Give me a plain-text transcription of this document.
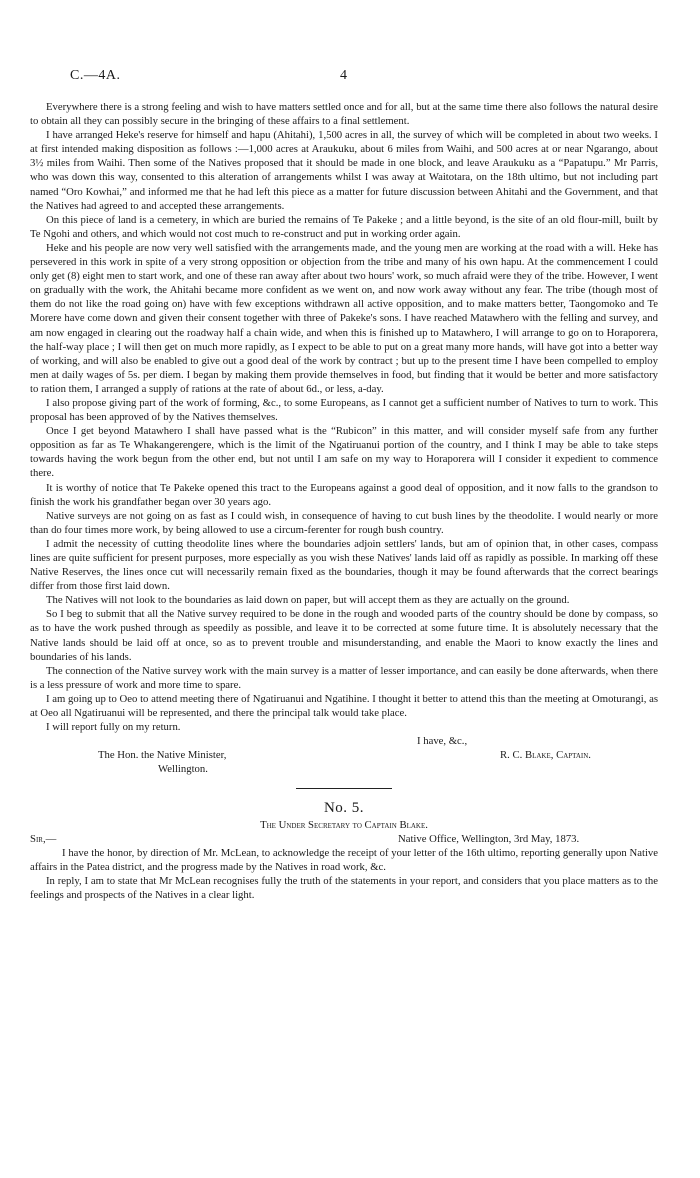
C.—4A.	4

Everywhere there is a strong feeling and wish to have matters settled once and for all, but at the same time there also follows the natural desire to obtain all they can possibly secure in the bringing of these affairs to a final settlement.

I have arranged Heke's reserve for himself and hapu (Ahitahi), 1,500 acres in all, the survey of which will be completed in about two weeks. I at first intended making disposition as follows :—1,000 acres at Araukuku, about 6 miles from Waihi, and 500 acres at or near Ngarango, about 3½ miles from Waihi. Then some of the Natives proposed that it should be made in one block, and leave Araukuku as a “Papatupu.” Mr Parris, who was down this way, consented to this alteration of arrangements whilst I was away at Waitotara, on the 18th ultimo, but not including part named “Oro Kowhai,” and informed me that he had left this piece as a matter for future discussion between Ahitahi and the Government, and that the Natives had agreed to and accepted these arrangements.

On this piece of land is a cemetery, in which are buried the remains of Te Pakeke ; and a little beyond, is the site of an old flour-mill, built by Te Ngohi and others, and which would not cost much to re-construct and put in working order again.

Heke and his people are now very well satisfied with the arrangements made, and the young men are working at the road with a will. Heke has persevered in this work in spite of a very strong opposition or objection from the tribe and many of his own hapu. At the commencement I could only get (8) eight men to start work, and one of these ran away after about two hours' work, so much afraid were they of the tribe. However, I went on gradually with the work, the Ahitahi became more confident as we went on, and now work away without any fear. The tribe (though most of them do not like the road going on) have with few exceptions withdrawn all active opposition, and to make matters better, Taongomoko and Te Morere have come down and given their consent together with three of Pakeke's sons. I have reached Matawhero with the felling and survey, and am now engaged in clearing out the roadway half a chain wide, and when this is finished up to Matawhero, I will arrange to go on to Horaporera, the half-way place ; I will then get on much more rapidly, as I expect to be able to put on a great many more hands, will have got into a better way of working, and will also be enabled to give out a good deal of the work by contract ; but up to the present time I have been compelled to employ men at daily wages of 5s. per diem. I began by making them provide themselves in food, but finding that it would be better and more satisfactory to ration them, I arranged a supply of rations at the rate of about 6d., or less, a-day.

I also propose giving part of the work of forming, &c., to some Europeans, as I cannot get a sufficient number of Natives to turn to work. This proposal has been approved of by the Natives themselves.

Once I get beyond Matawhero I shall have passed what is the “Rubicon” in this matter, and will consider myself safe from any further opposition as far as Te Whakangerengere, which is the limit of the Ngatiruanui portion of the country, and I think I may be able to take steps towards having the work begun from the other end, but not until I am safe on my way to Horaporera will I consider it expedient to commence there.

It is worthy of notice that Te Pakeke opened this tract to the Europeans against a good deal of opposition, and it now falls to the grandson to finish the work his grandfather began over 30 years ago.

Native surveys are not going on as fast as I could wish, in consequence of having to cut bush lines by the theodolite. I would nearly or more than do four times more work, by being allowed to use a circum-ferenter for rough bush country.

I admit the necessity of cutting theodolite lines where the boundaries adjoin settlers' lands, but am of opinion that, in other cases, compass lines are quite sufficient for present purposes, more especially as you wish these Natives' lands laid off as rapidly as possible. In marking off these Native Reserves, the lines once cut will necessarily remain fixed as the boundaries, though it may be found afterwards that the correct bearings differ from those first laid down.

The Natives will not look to the boundaries as laid down on paper, but will accept them as they are actually on the ground.

So I beg to submit that all the Native survey required to be done in the rough and wooded parts of the country should be done by compass, so as to have the work pushed through as speedily as possible, and leave it to be corrected at some future time. It is absolutely necessary that the Native lands should be laid off at once, so as to prevent trouble and misunderstanding, and enable the Maori to know exactly the lines and boundaries of his lands.

The connection of the Native survey work with the main survey is a matter of lesser importance, and can easily be done afterwards, when there is a less pressure of work and more time to spare.

I am going up to Oeo to attend meeting there of Ngatiruanui and Ngatihine. I thought it better to attend this than the meeting at Omoturangi, as at Oeo all Ngatiruanui will be represented, and there the principal talk would take place.

I will report fully on my return.

I have, &c.,
The Hon. the Native Minister,	R. C. Blake, Captain.
Wellington.
No. 5.
The Under Secretary to Captain Blake.
Sir,—	Native Office, Wellington, 3rd May, 1873.

I have the honor, by direction of Mr. McLean, to acknowledge the receipt of your letter of the 16th ultimo, reporting generally upon Native affairs in the Patea district, and the progress made by the Natives in road work, &c.

In reply, I am to state that Mr McLean recognises fully the truth of the statements in your report, and considers that you place matters as to the feelings and prospects of the Natives in a clear light.
